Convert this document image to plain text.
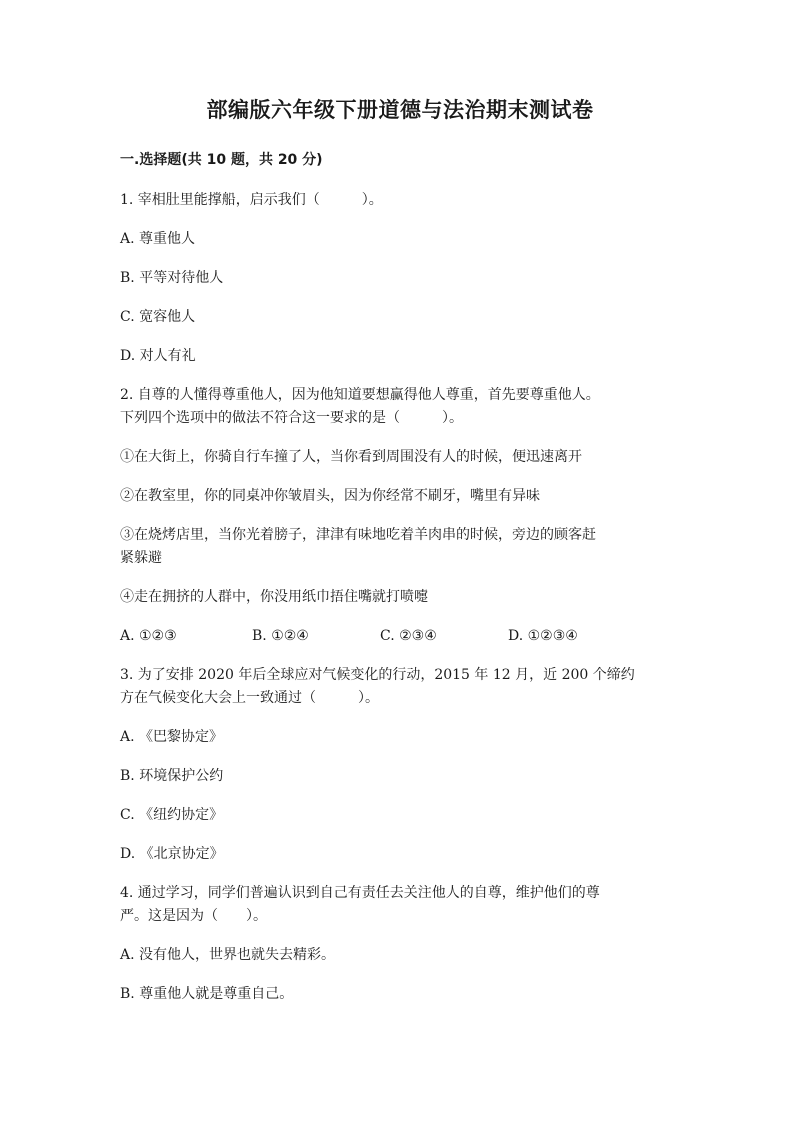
部编版六年级下册道德与法治期末测试卷
一.选择题(共 10 题，共 20 分)
1. 宰相肚里能撑船，启示我们（　　　）。
A. 尊重他人
B. 平等对待他人
C. 宽容他人
D. 对人有礼
2. 自尊的人懂得尊重他人，因为他知道要想赢得他人尊重，首先要尊重他人。
下列四个选项中的做法不符合这一要求的是（　　　）。
①在大街上，你骑自行车撞了人，当你看到周围没有人的时候，便迅速离开
②在教室里，你的同桌冲你皱眉头，因为你经常不刷牙，嘴里有异味
③在烧烤店里，当你光着膀子，津津有味地吃着羊肉串的时候，旁边的顾客赶
紧躲避
④走在拥挤的人群中，你没用纸巾捂住嘴就打喷嚏
A. ①②③	B. ①②④	C. ②③④	D. ①②③④
3. 为了安排 2020 年后全球应对气候变化的行动，2015 年 12 月，近 200 个缔约
方在气候变化大会上一致通过（　　　）。
A. 《巴黎协定》
B. 环境保护公约
C. 《纽约协定》
D. 《北京协定》
4. 通过学习，同学们普遍认识到自己有责任去关注他人的自尊，维护他们的尊
严。这是因为（　　）。
A. 没有他人，世界也就失去精彩。
B. 尊重他人就是尊重自己。
